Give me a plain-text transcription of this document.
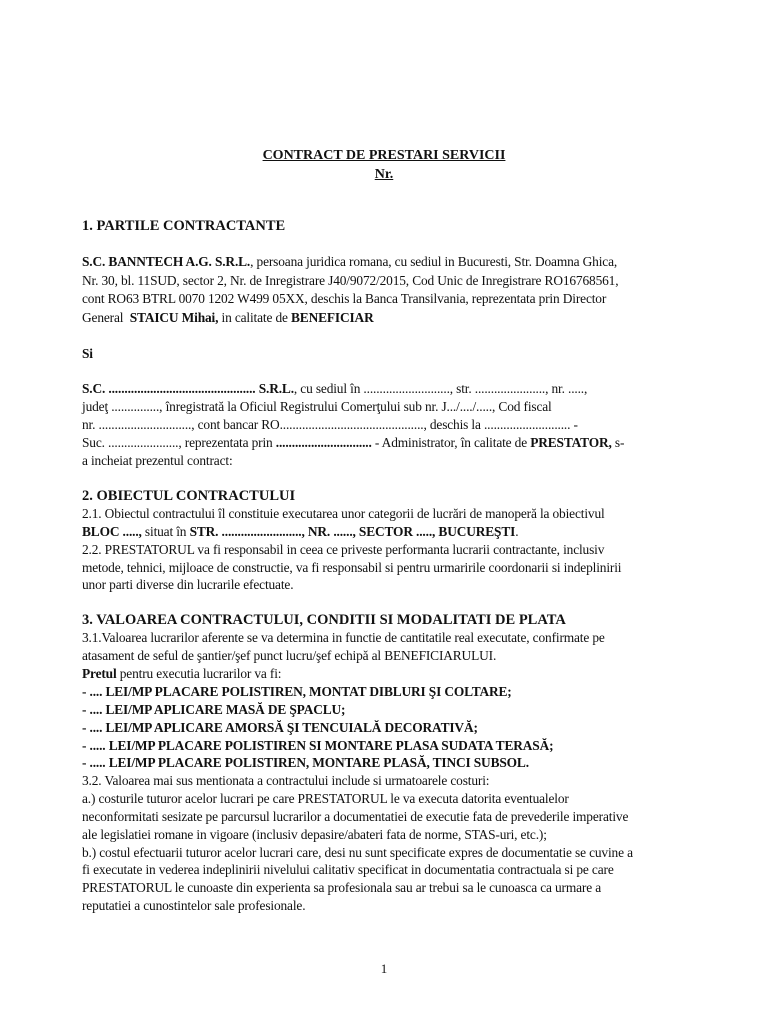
CONTRACT DE PRESTARI SERVICII
Nr.
1. PARTILE CONTRACTANTE
S.C. BANNTECH A.G. S.R.L., persoana juridica romana, cu sediul in Bucuresti, Str. Doamna Ghica,
Nr. 30, bl. 11SUD, sector 2, Nr. de Inregistrare J40/9072/2015, Cod Unic de Inregistrare RO16768561,
cont RO63 BTRL 0070 1202 W499 05XX, deschis la Banca Transilvania, reprezentata prin Director
General STAICU Mihai, in calitate de BENEFICIAR
Si
S.C. .............................................. S.R.L., cu sediul în ..........................., str. ......................, nr. .....,
judeţ ..............., înregistrată la Oficiul Registrului Comerţului sub nr. J.../..../....., Cod fiscal
nr. ............................., cont bancar RO............................................., deschis la ........................... -
Suc. ......................, reprezentata prin .............................. - Administrator, în calitate de PRESTATOR, s-
a incheiat prezentul contract:
2. OBIECTUL CONTRACTULUI
2.1. Obiectul contractului îl constituie executarea unor categorii de lucrări de manoperă la obiectivul
BLOC ....., situat în STR. ........................., NR. ......, SECTOR ....., BUCUREŞTI.
2.2. PRESTATORUL va fi responsabil in ceea ce priveste performanta lucrarii contractante, inclusiv
metode, tehnici, mijloace de constructie, va fi responsabil si pentru urmaririle coordonarii si indeplinirii
unor parti diverse din lucrarile efectuate.
3. VALOAREA CONTRACTULUI, CONDITII SI MODALITATI DE PLATA
3.1.Valoarea lucrarilor aferente se va determina in functie de cantitatile real executate, confirmate pe
atasament de seful de şantier/şef punct lucru/şef echipă al BENEFICIARULUI.
Pretul pentru executia lucrarilor va fi:
- .... LEI/MP PLACARE POLISTIREN, MONTAT DIBLURI ŞI COLTARE;
- .... LEI/MP APLICARE MASĂ DE ŞPACLU;
- .... LEI/MP APLICARE AMORSĂ ŞI TENCUIALĂ DECORATIVĂ;
- ..... LEI/MP PLACARE POLISTIREN SI MONTARE PLASA SUDATA TERASĂ;
- ..... LEI/MP PLACARE POLISTIREN, MONTARE PLASĂ, TINCI SUBSOL.
3.2. Valoarea mai sus mentionata a contractului include si urmatoarele costuri:
a.) costurile tuturor acelor lucrari pe care PRESTATORUL le va executa datorita eventualelor
neconformitati sesizate pe parcursul lucrarilor a documentatiei de executie fata de prevederile imperative
ale legislatiei romane in vigoare (inclusiv depasire/abateri fata de norme, STAS-uri, etc.);
b.) costul efectuarii tuturor acelor lucrari care, desi nu sunt specificate expres de documentatie se cuvine a
fi executate in vederea indeplinirii nivelului calitativ specificat in documentatia contractuala si pe care
PRESTATORUL le cunoaste din experienta sa profesionala sau ar trebui sa le cunoasca ca urmare a
reputatiei a cunostintelor sale profesionale.
1
